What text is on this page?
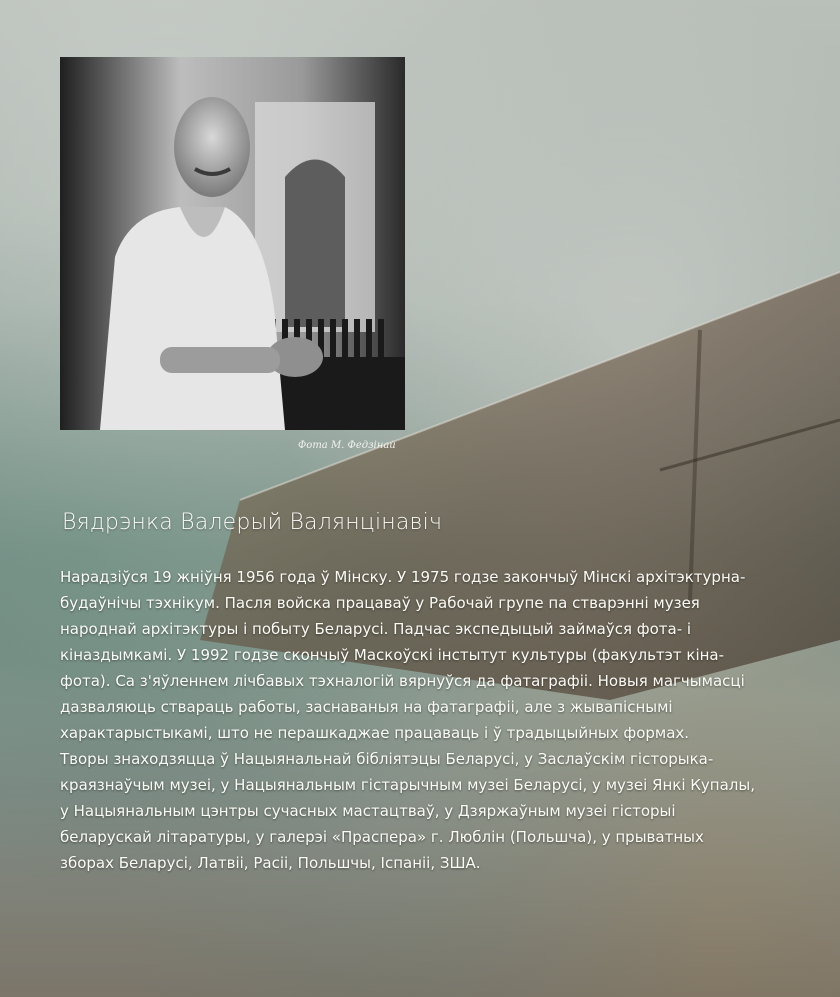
Фота М. Федзінай
Вядрэнка Валерый Валянцінавіч

Нарадзіўся 19 жніўня 1956 года ў Мінску. У 1975 годзе закончыў Мінскі архітэктурна-будаўнічы тэхнікум. Пасля войска працаваў у Рабочай групе па стварэнні музея народнай архітэктуры і побыту Беларусі. Падчас экспедыцый займаўся фота- і кіназдымкамі. У 1992 годзе скончыў Маскоўскі інстытут культуры (факультэт кіна-фота). Са з'яўленнем лічбавых тэхналогій вярнуўся да фатаграфіі. Новыя магчымасці дазваляюць ствараць работы, заснаваныя на фатаграфіі, але з жывапіснымі характарыстыкамі, што не перашкаджае працаваць і ў традыцыйных формах.

Творы знаходзяцца ў Нацыянальнай бібліятэцы Беларусі, у Заслаўскім гісторыка-краязнаўчым музеі, у Нацыянальным гістарычным музеі Беларусі, у музеі Янкі Купалы, у Нацыянальным цэнтры сучасных мастацтваў, у Дзяржаўным музеі гісторыі беларускай літаратуры, у галерэі «Праспера» г. Люблін (Польшча), у прыватных зборах Беларусі, Латвіі, Расіі, Польшчы, Іспаніі, ЗША.
